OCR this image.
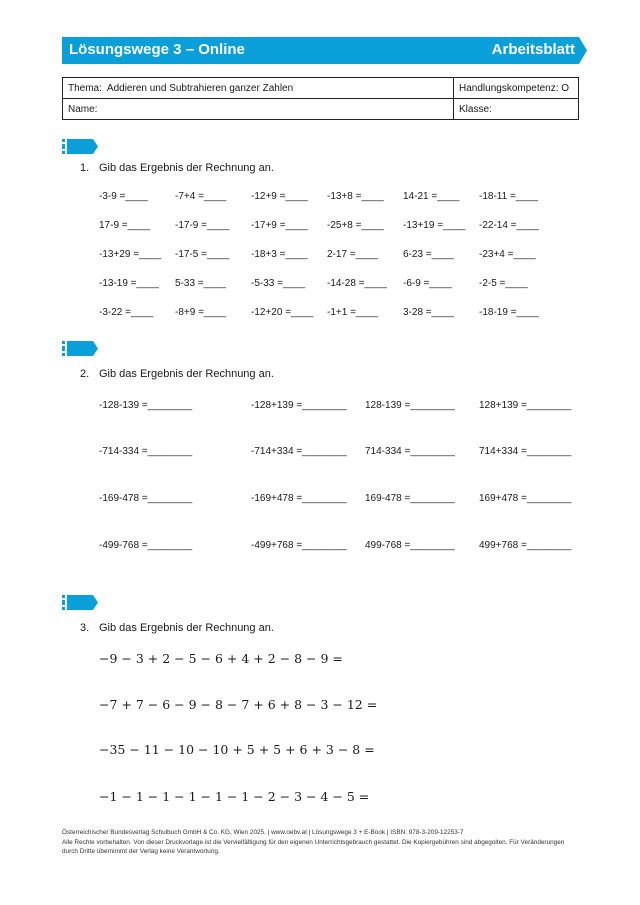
Lösungswege 3 – Online	Arbeitsblatt
Thema: Addieren und Subtrahieren ganzer Zahlen	Handlungskompetenz: O
Name:	Klasse:
1. Gib das Ergebnis der Rechnung an.
-3-9 =____	-7+4 =____ -12+9 =____ -13+8 =____ 14-21 =____ -18-11 =____
17-9 =____	-17-9 =____ -17+9 =____ -25+8 =____ -13+19 =____ -22-14 =____
-13+29 =____ -17-5 =____ -18+3 =____ 2-17 =____	6-23 =____	-23+4 =____
-13-19 =____ 5-33 =____	-5-33 =____ -14-28 =____ -6-9 =____	-2-5 =____
-3-22 =____ -8+9 =____ -12+20 =____ -1+1 =____ 3-28 =____	-18-19 =____
2. Gib das Ergebnis der Rechnung an.
-128-139 =________	-128+139 =________ 128-139 =________ 128+139 =________
-714-334 =________	-714+334 =________ 714-334 =________ 714+334 =________
-169-478 =________	-169+478 =________ 169-478 =________ 169+478 =________
-499-768 =________	-499+768 =________ 499-768 =________ 499+768 =________
3. Gib das Ergebnis der Rechnung an.
−9 − 3 + 2 − 5 − 6 + 4 + 2 − 8 − 9 =
−7 + 7 − 6 − 9 − 8 − 7 + 6 + 8 − 3 − 12 =
−35 − 11 − 10 − 10 + 5 + 5 + 6 + 3 − 8 =
−1 − 1 − 1 − 1 − 1 − 1 − 2 − 3 − 4 − 5 =
Österreichischer Bundesverlag Schulbuch GmbH & Co. KG, Wien 2025. | www.oebv.at | Lösungswege 3 + E-Book | ISBN: 978-3-209-12253-7
Alle Rechte vorbehalten. Von dieser Druckvorlage ist die Vervielfältigung für den eigenen Unterrichtsgebrauch gestattet. Die Kopiergebühren sind abgegolten. Für Veränderungen durch Dritte übernimmt der Verlag keine Verantwortung.
